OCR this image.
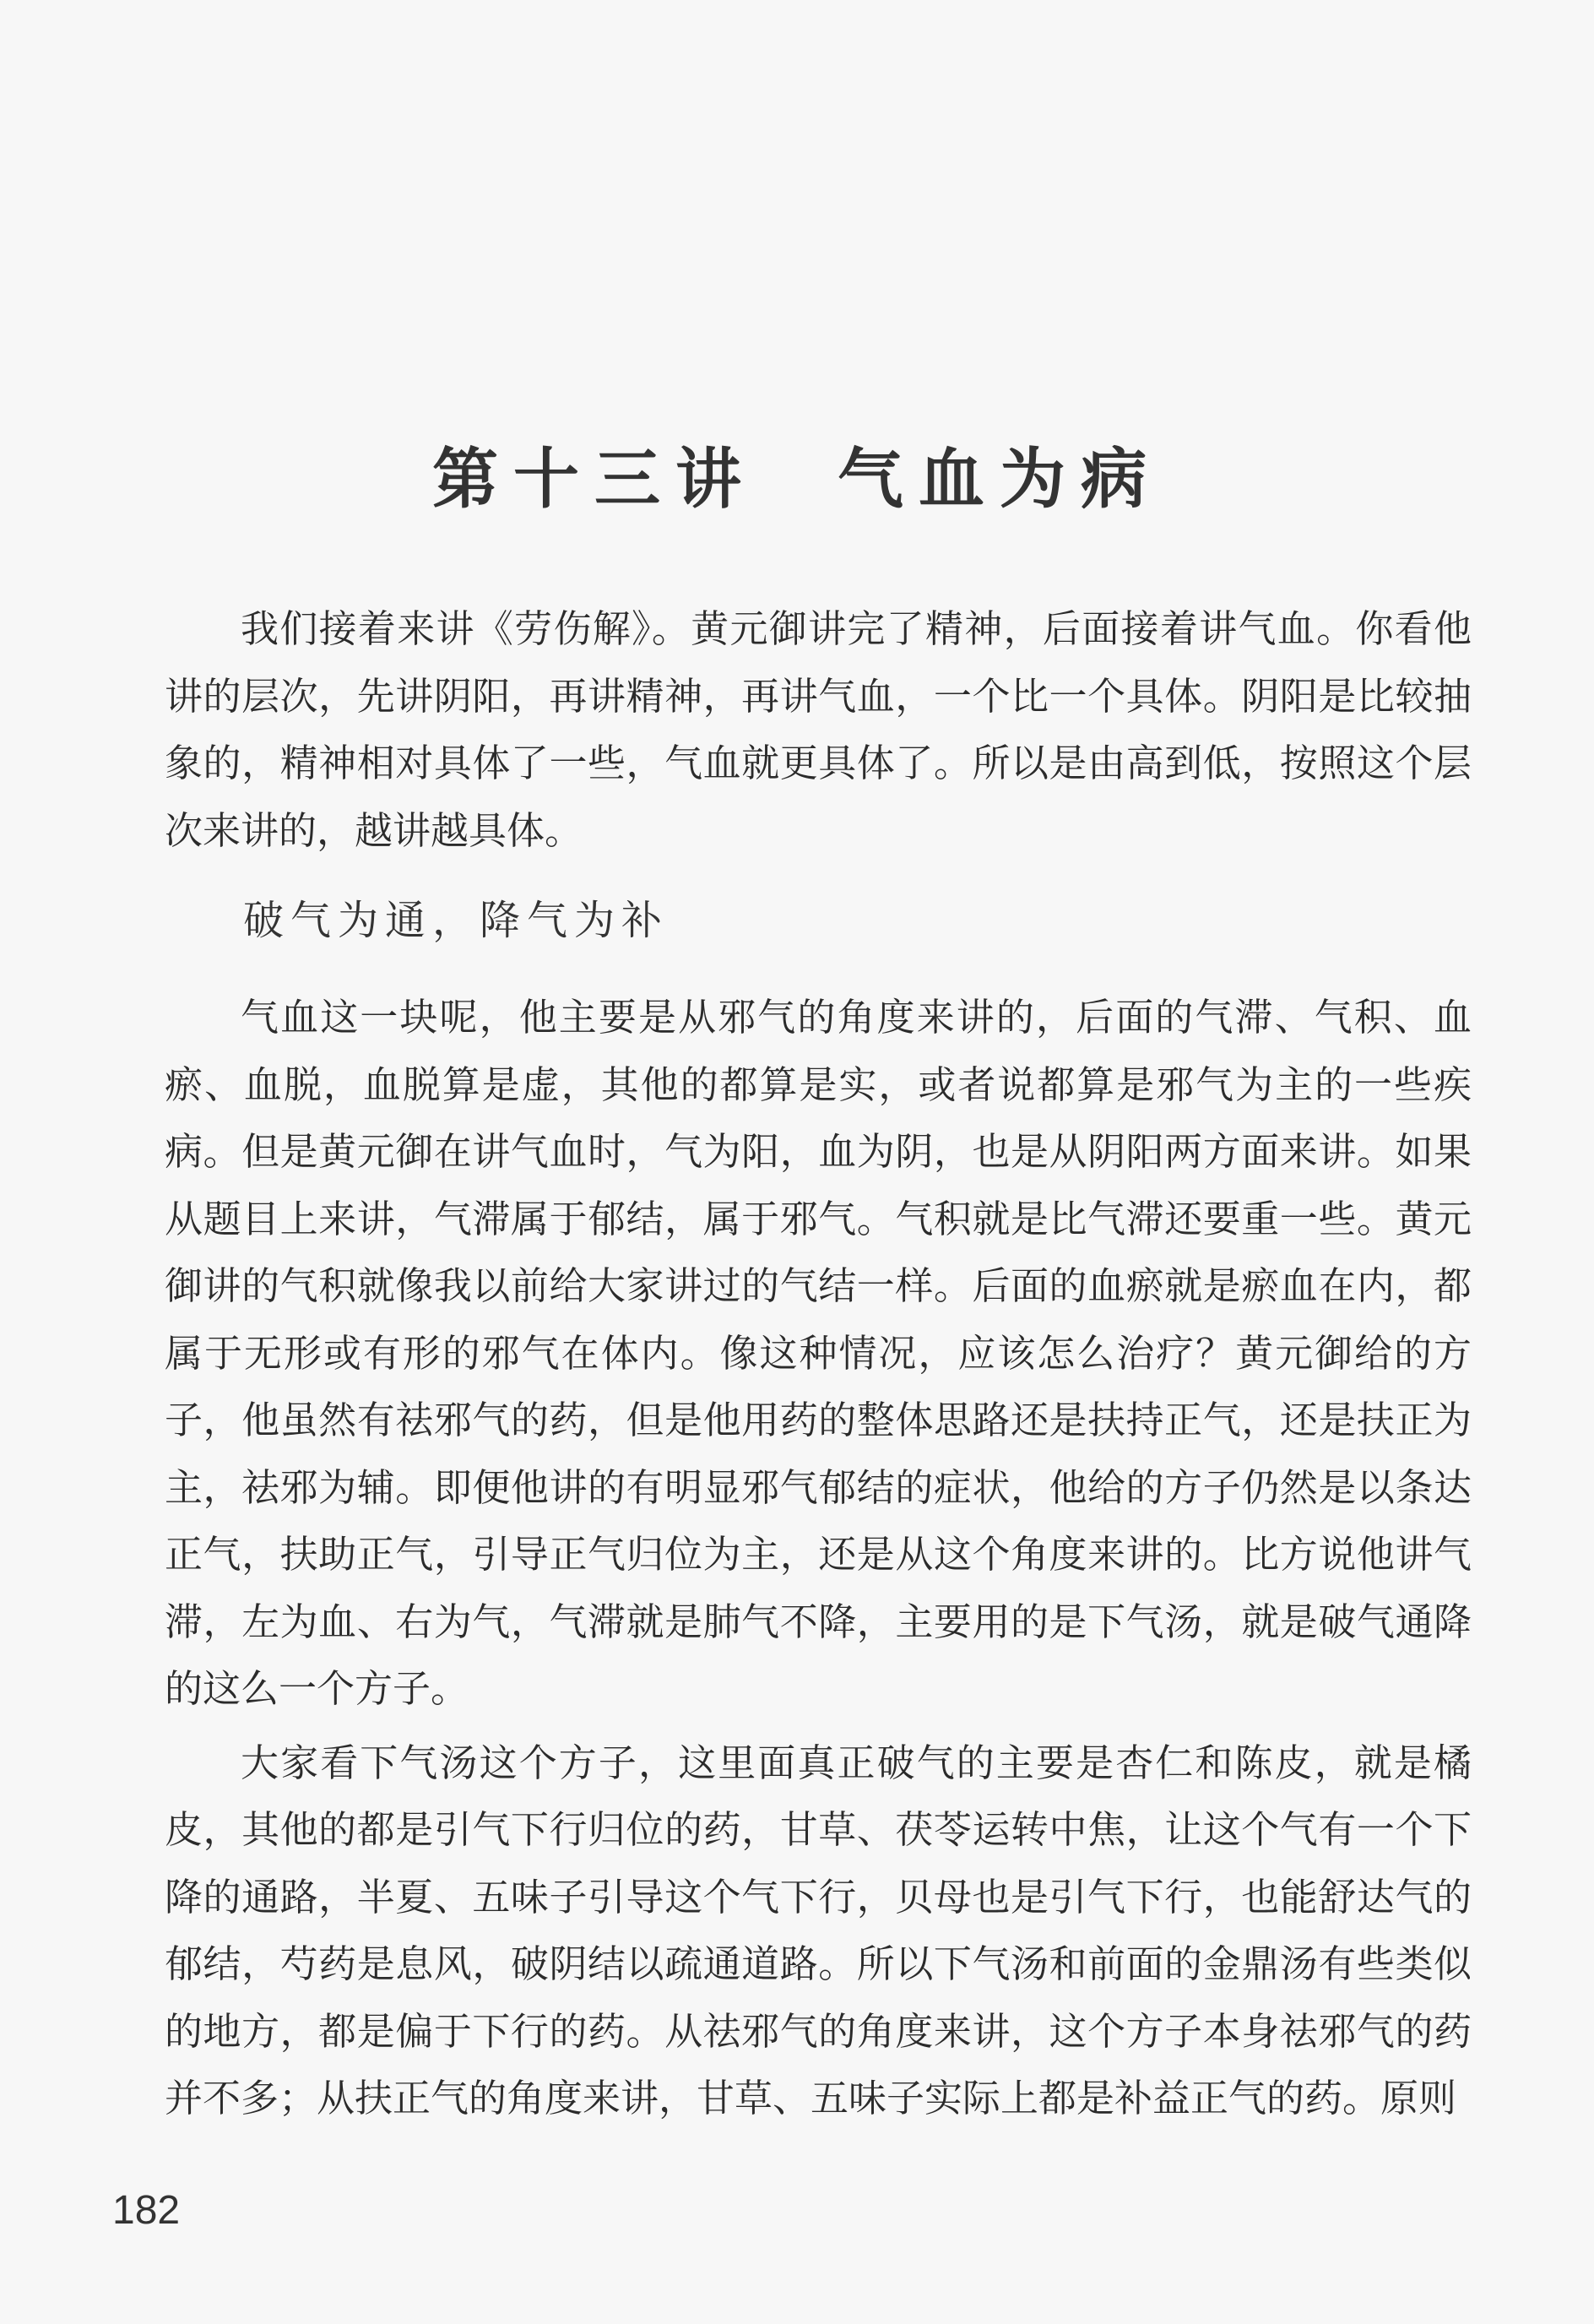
第十三讲　气血为病

我们接着来讲《劳伤解》。黄元御讲完了精神，后面接着讲气血。你看他讲的层次，先讲阴阳，再讲精神，再讲气血，一个比一个具体。阴阳是比较抽象的，精神相对具体了一些，气血就更具体了。所以是由高到低，按照这个层次来讲的，越讲越具体。

破气为通，降气为补

气血这一块呢，他主要是从邪气的角度来讲的，后面的气滞、气积、血瘀、血脱，血脱算是虚，其他的都算是实，或者说都算是邪气为主的一些疾病。但是黄元御在讲气血时，气为阳，血为阴，也是从阴阳两方面来讲。如果从题目上来讲，气滞属于郁结，属于邪气。气积就是比气滞还要重一些。黄元御讲的气积就像我以前给大家讲过的气结一样。后面的血瘀就是瘀血在内，都属于无形或有形的邪气在体内。像这种情况，应该怎么治疗？黄元御给的方子，他虽然有祛邪气的药，但是他用药的整体思路还是扶持正气，还是扶正为主，祛邪为辅。即便他讲的有明显邪气郁结的症状，他给的方子仍然是以条达正气，扶助正气，引导正气归位为主，还是从这个角度来讲的。比方说他讲气滞，左为血、右为气，气滞就是肺气不降，主要用的是下气汤，就是破气通降的这么一个方子。

大家看下气汤这个方子，这里面真正破气的主要是杏仁和陈皮，就是橘皮，其他的都是引气下行归位的药，甘草、茯苓运转中焦，让这个气有一个下降的通路，半夏、五味子引导这个气下行，贝母也是引气下行，也能舒达气的郁结，芍药是息风，破阴结以疏通道路。所以下气汤和前面的金鼎汤有些类似的地方，都是偏于下行的药。从祛邪气的角度来讲，这个方子本身祛邪气的药并不多；从扶正气的角度来讲，甘草、五味子实际上都是补益正气的药。原则

182
